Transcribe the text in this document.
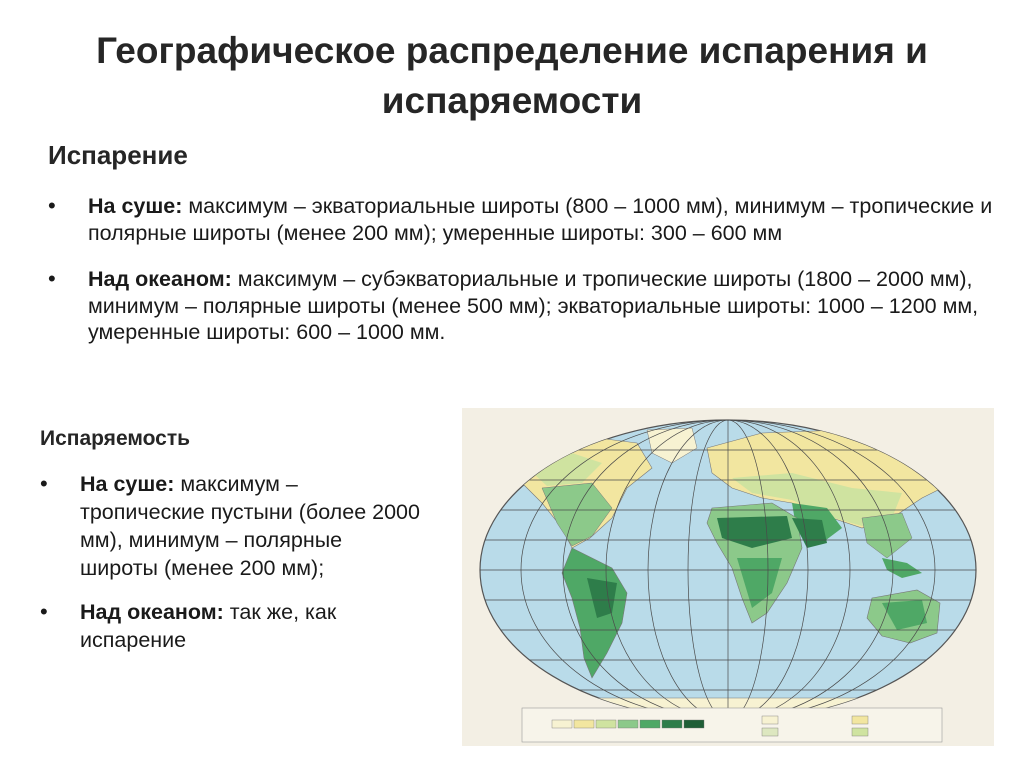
Географическое распределение испарения и испаряемости
Испарение
• На суше: максимум – экваториальные широты (800 – 1000 мм), минимум – тропические и полярные широты (менее 200 мм); умеренные широты: 300 – 600 мм
• Над океаном: максимум – субэкваториальные и тропические широты (1800 – 2000 мм), минимум – полярные широты (менее 500 мм); экваториальные широты: 1000 – 1200 мм, умеренные широты: 600 – 1000 мм.
Испаряемость
• На суше: максимум – тропические пустыни (более 2000 мм), минимум – полярные широты (менее 200 мм);
• Над океаном: так же, как испарение
